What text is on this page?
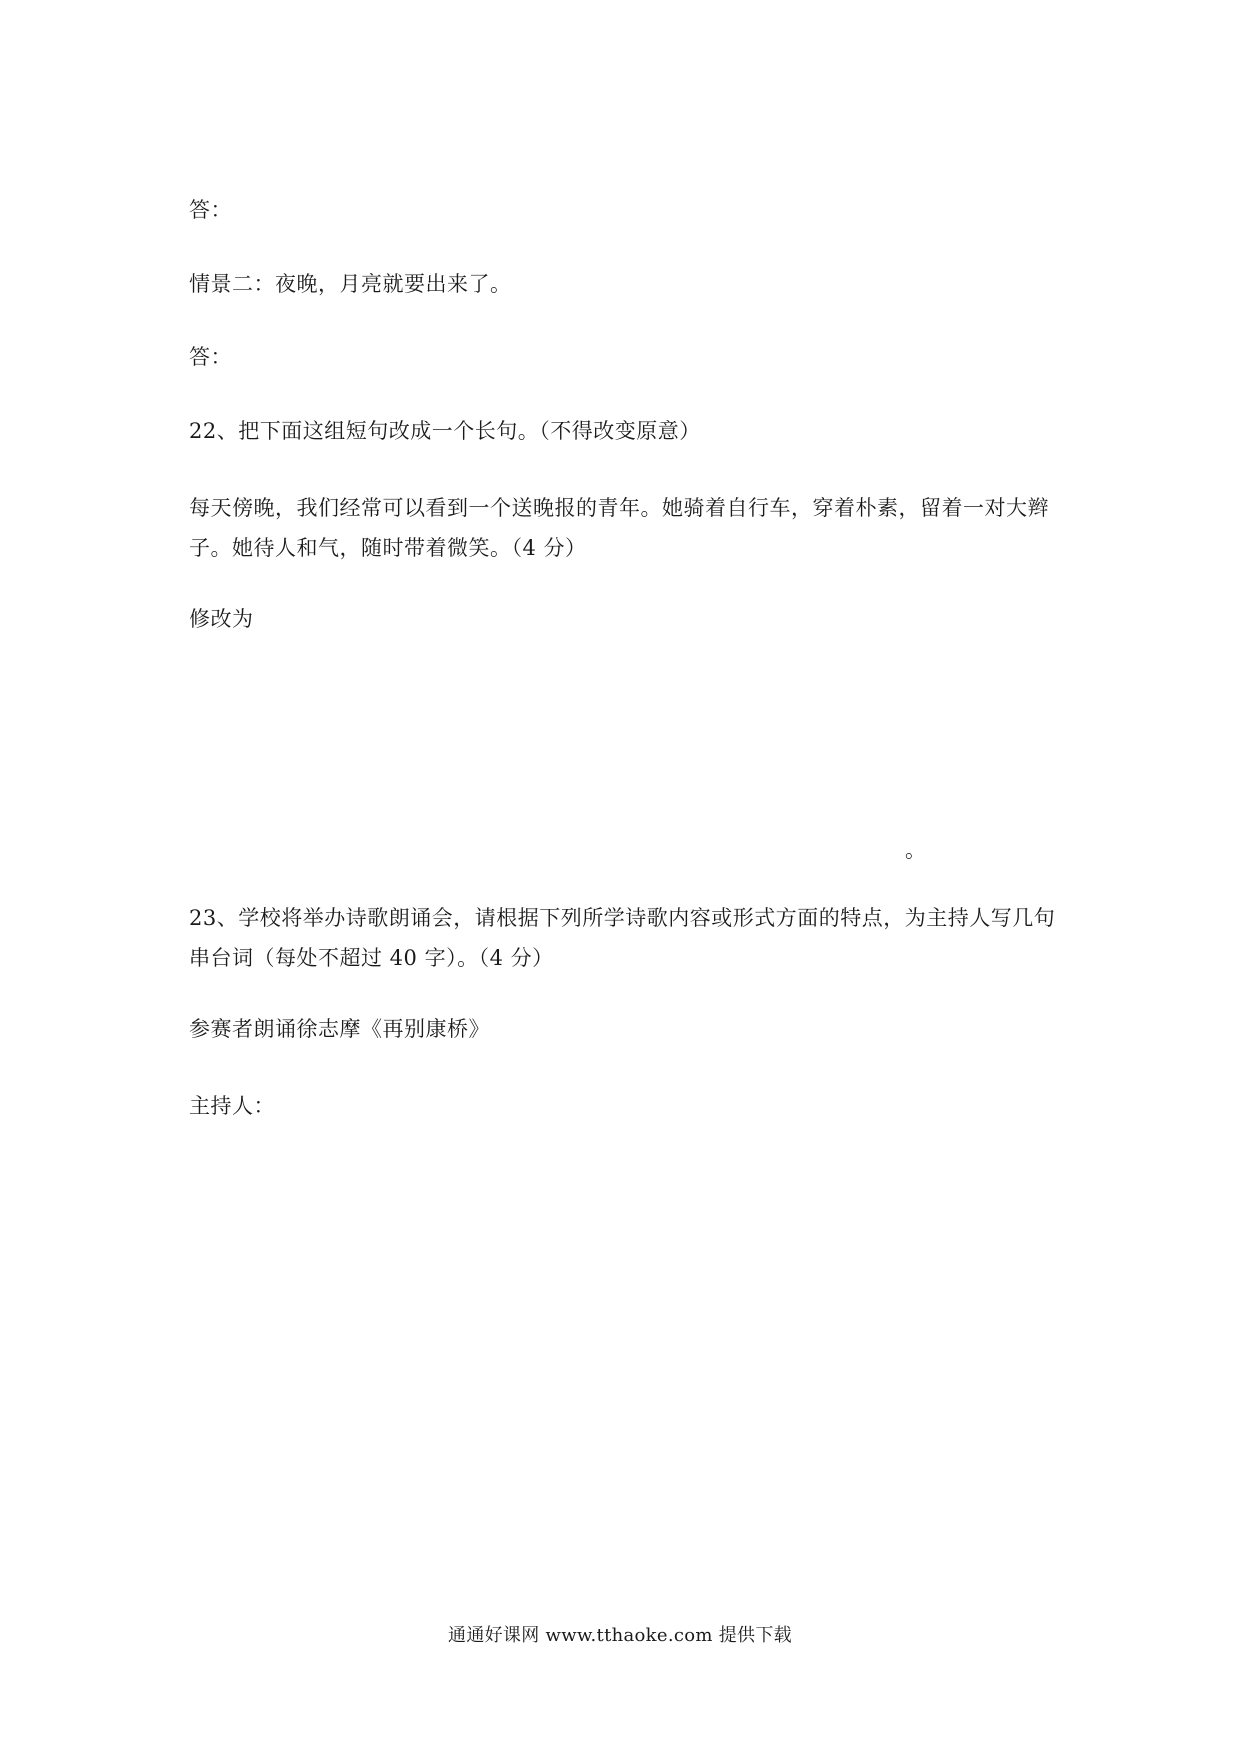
答：
情景二：夜晚，月亮就要出来了。
答：
22、把下面这组短句改成一个长句。（不得改变原意）
每天傍晚，我们经常可以看到一个送晚报的青年。她骑着自行车，穿着朴素，留着一对大辫
子。她待人和气，随时带着微笑。（4 分）
修改为
。
23、学校将举办诗歌朗诵会，请根据下列所学诗歌内容或形式方面的特点，为主持人写几句
串台词（每处不超过 40 字）。（4 分）
参赛者朗诵徐志摩《再别康桥》
主持人：
通通好课网 www.tthaoke.com 提供下载
